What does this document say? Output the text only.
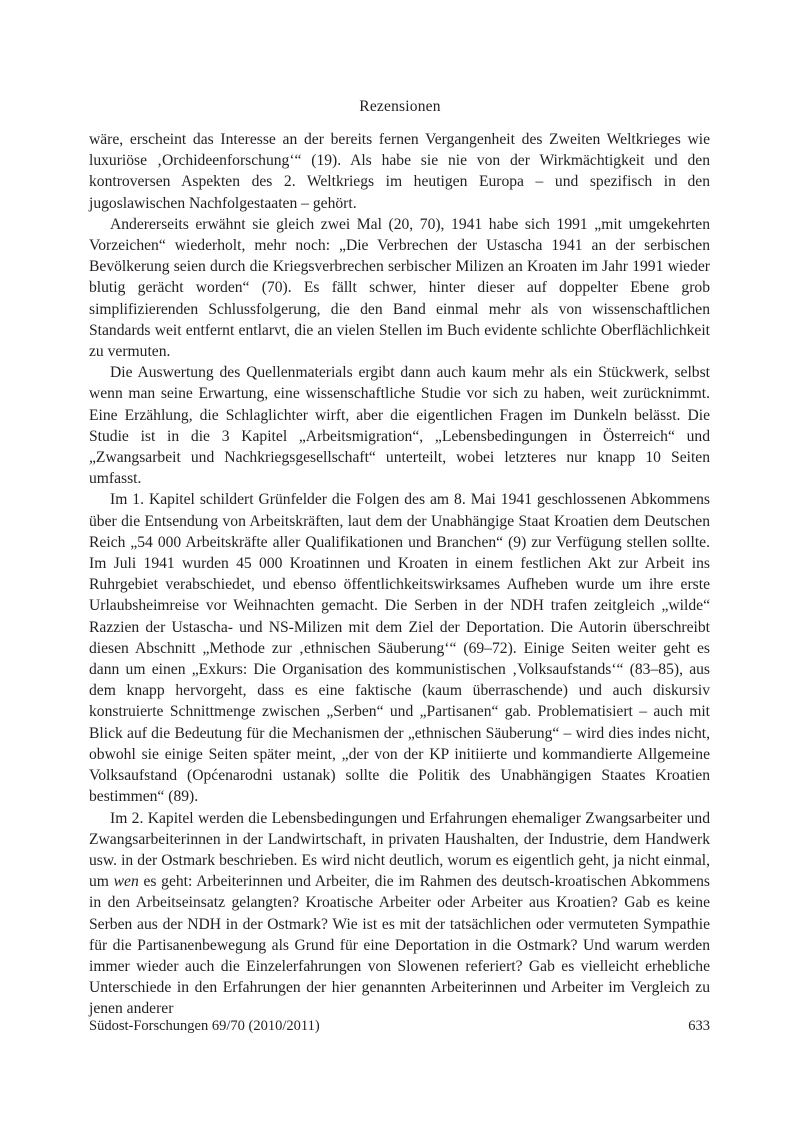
Rezensionen

wäre, erscheint das Interesse an der bereits fernen Vergangenheit des Zweiten Weltkrieges wie luxuriöse ‚Orchideenforschung‘“ (19). Als habe sie nie von der Wirkmächtigkeit und den kontroversen Aspekten des 2. Weltkriegs im heutigen Europa – und spezifisch in den jugoslawischen Nachfolgestaaten – gehört.

Andererseits erwähnt sie gleich zwei Mal (20, 70), 1941 habe sich 1991 „mit umgekehrten Vorzeichen“ wiederholt, mehr noch: „Die Verbrechen der Ustascha 1941 an der serbischen Bevölkerung seien durch die Kriegsverbrechen serbischer Milizen an Kroaten im Jahr 1991 wieder blutig gerächt worden“ (70). Es fällt schwer, hinter dieser auf doppelter Ebene grob simplifizierenden Schlussfolgerung, die den Band einmal mehr als von wissenschaftlichen Standards weit entfernt entlarvt, die an vielen Stellen im Buch evidente schlichte Oberflächlichkeit zu vermuten.

Die Auswertung des Quellenmaterials ergibt dann auch kaum mehr als ein Stückwerk, selbst wenn man seine Erwartung, eine wissenschaftliche Studie vor sich zu haben, weit zurücknimmt. Eine Erzählung, die Schlaglichter wirft, aber die eigentlichen Fragen im Dunkeln belässt. Die Studie ist in die 3 Kapitel „Arbeitsmigration“, „Lebensbedingungen in Österreich“ und „Zwangsarbeit und Nachkriegsgesellschaft“ unterteilt, wobei letzteres nur knapp 10 Seiten umfasst.

Im 1. Kapitel schildert Grünfelder die Folgen des am 8. Mai 1941 geschlossenen Abkommens über die Entsendung von Arbeitskräften, laut dem der Unabhängige Staat Kroatien dem Deutschen Reich „54 000 Arbeitskräfte aller Qualifikationen und Branchen“ (9) zur Verfügung stellen sollte. Im Juli 1941 wurden 45 000 Kroatinnen und Kroaten in einem festlichen Akt zur Arbeit ins Ruhrgebiet verabschiedet, und ebenso öffentlichkeitswirksames Aufheben wurde um ihre erste Urlaubsheimreise vor Weihnachten gemacht. Die Serben in der NDH trafen zeitgleich „wilde“ Razzien der Ustascha- und NS-Milizen mit dem Ziel der Deportation. Die Autorin überschreibt diesen Abschnitt „Methode zur ‚ethnischen Säuberung‘“ (69–72). Einige Seiten weiter geht es dann um einen „Exkurs: Die Organisation des kommunistischen ‚Volksaufstands‘“ (83–85), aus dem knapp hervorgeht, dass es eine faktische (kaum überraschende) und auch diskursiv konstruierte Schnittmenge zwischen „Serben“ und „Partisanen“ gab. Problematisiert – auch mit Blick auf die Bedeutung für die Mechanismen der „ethnischen Säuberung“ – wird dies indes nicht, obwohl sie einige Seiten später meint, „der von der KP initiierte und kommandierte Allgemeine Volksaufstand (Općenarodni ustanak) sollte die Politik des Unabhängigen Staates Kroatien bestimmen“ (89).

Im 2. Kapitel werden die Lebensbedingungen und Erfahrungen ehemaliger Zwangsarbeiter und Zwangsarbeiterinnen in der Landwirtschaft, in privaten Haushalten, der Industrie, dem Handwerk usw. in der Ostmark beschrieben. Es wird nicht deutlich, worum es eigentlich geht, ja nicht einmal, um wen es geht: Arbeiterinnen und Arbeiter, die im Rahmen des deutsch-kroatischen Abkommens in den Arbeitseinsatz gelangten? Kroatische Arbeiter oder Arbeiter aus Kroatien? Gab es keine Serben aus der NDH in der Ostmark? Wie ist es mit der tatsächlichen oder vermuteten Sympathie für die Partisanenbewegung als Grund für eine Deportation in die Ostmark? Und warum werden immer wieder auch die Einzelerfahrungen von Slowenen referiert? Gab es vielleicht erhebliche Unterschiede in den Erfahrungen der hier genannten Arbeiterinnen und Arbeiter im Vergleich zu jenen anderer

Südost-Forschungen 69/70 (2010/2011)	633
